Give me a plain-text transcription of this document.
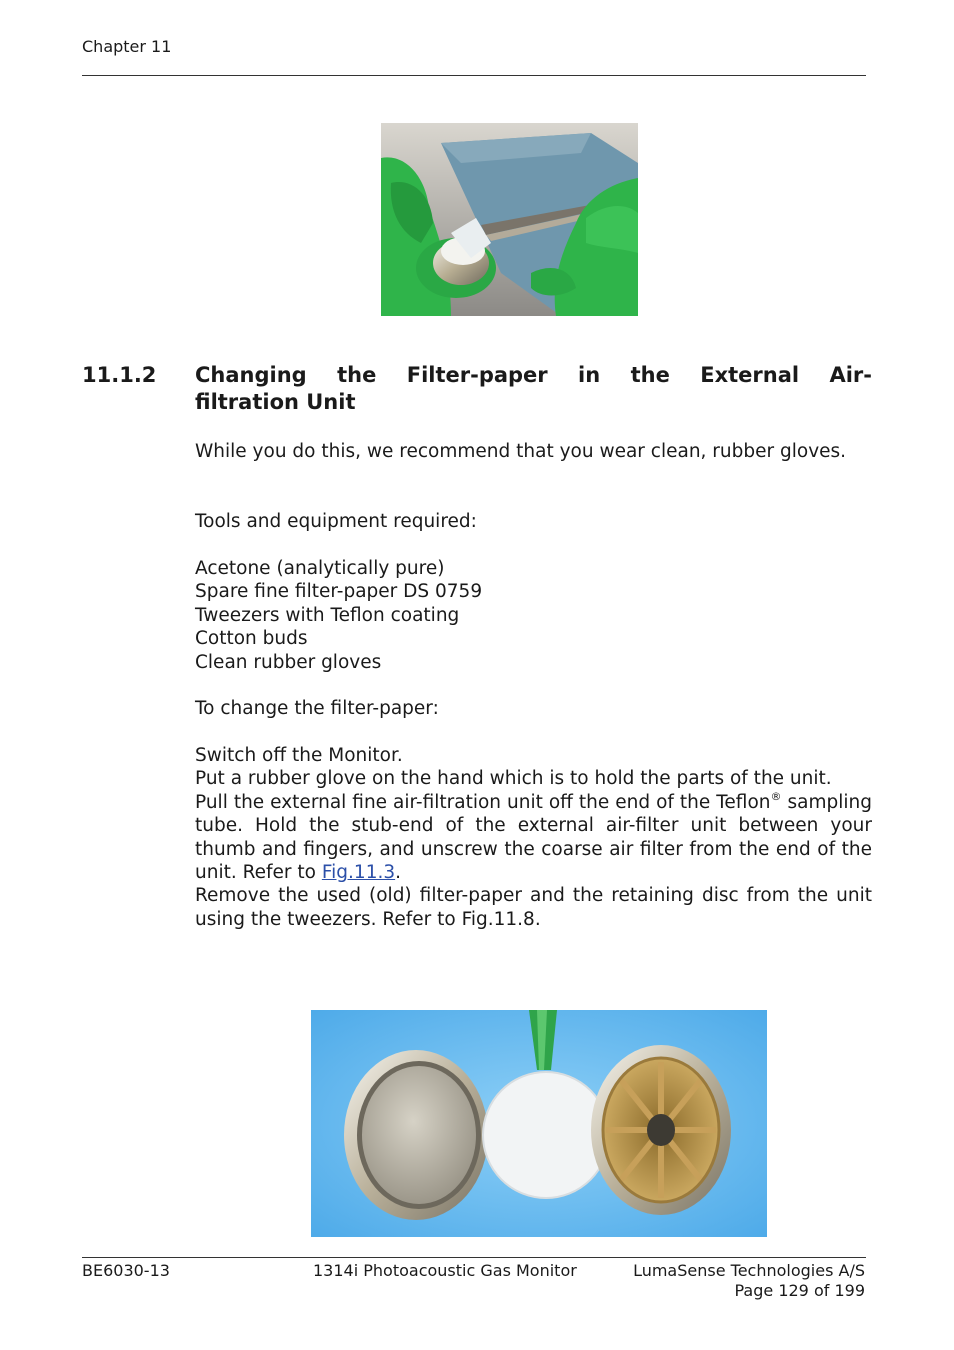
Chapter 11
11.1.2 Changing the Filter-paper in the External Air-
filtration Unit
While you do this, we recommend that you wear clean, rubber gloves.
Tools and equipment required:
Acetone (analytically pure)
Spare fine filter-paper DS 0759
Tweezers with Teflon coating
Cotton buds
Clean rubber gloves
To change the filter-paper:
Switch off the Monitor.
Put a rubber glove on the hand which is to hold the parts of the unit.
Pull the external fine air-filtration unit off the end of the Teflon® sampling tube. Hold the stub-end of the external air-filter unit between your thumb and fingers, and unscrew the coarse air filter from the end of the unit. Refer to Fig.11.3.
Remove the used (old) filter-paper and the retaining disc from the unit using the tweezers. Refer to Fig.11.8.
BE6030-13	1314i Photoacoustic Gas Monitor	LumaSense Technologies A/S
Page 129 of 199
